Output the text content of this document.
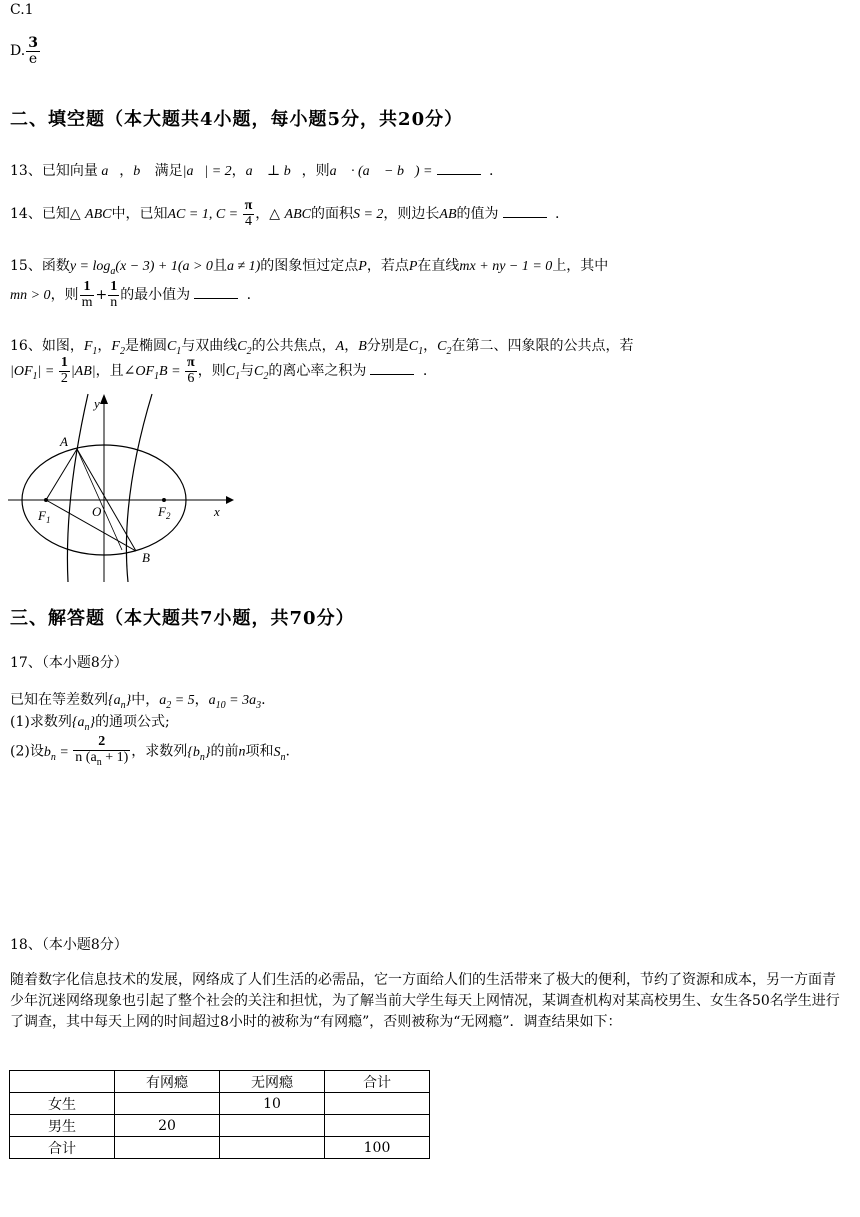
C.1
D. $\frac{3}{e}$
二、填空题（本大题共4小题，每小题5分，共20分）
13、已知向量 a⃗，b⃗ 满足|a⃗| = 2，a⃗ ⊥ b⃗，则a⃗ · (a⃗ − b⃗) =	.
14、已知△ ABC中，已知AC = 1, $C = \frac{\pi}{4}$ ，△ ABC的面积S = 2，则边长AB的值为	.
15、函数$y = \log_a(x - 3) + 1(a > 0$且a ≠ 1)的图象恒过定点P，若点P在直线mx + ny − 1 = 0上，其中
mn > 0，则 $\frac{1}{m} + \frac{1}{n}$ 的最小值为	.
16、如图，$F_1$，$F_2$是椭圆$C_1$与双曲线$C_2$的公共焦点，A，B分别是$C_1$，$C_2$在第二、四象限的公共点，若
$|OF_1| = \frac{1}{2} |AB|$，且$\angle OF_1B = \frac{\pi}{6}$ ，则$C_1$与$C_2$的离心率之积为	.
y
A
$F_1$
O	$F_2$	x
B
三、解答题（本大题共7小题，共70分）
17、（本小题8分）
已知在等差数列$\{a_n\}$中，$a_2 = 5$，$a_{10} = 3a_3$.
(1)求数列$\{a_n\}$的通项公式;
(2)设$b_n = \frac{2}{n (a_n + 1)}$ ，求数列$\{b_n\}$的前n项和$S_n$.
18、（本小题8分）
随着数字化信息技术的发展，网络成了人们生活的必需品，它一方面给人们的生活带来了极大的便利，节约了资源和成本，另一方面青少年沉迷网络现象也引起了整个社会的关注和担忧，为了解当前大学生每天上网情况，某调查机构对某高校男生、女生各50名学生进行了调查，其中每天上网的时间超过8小时的被称为“有网瘾”，否则被称为“无网瘾”．调查结果如下：
	有网瘾	无网瘾	合计
女生		10	
男生	20		
合计			100
